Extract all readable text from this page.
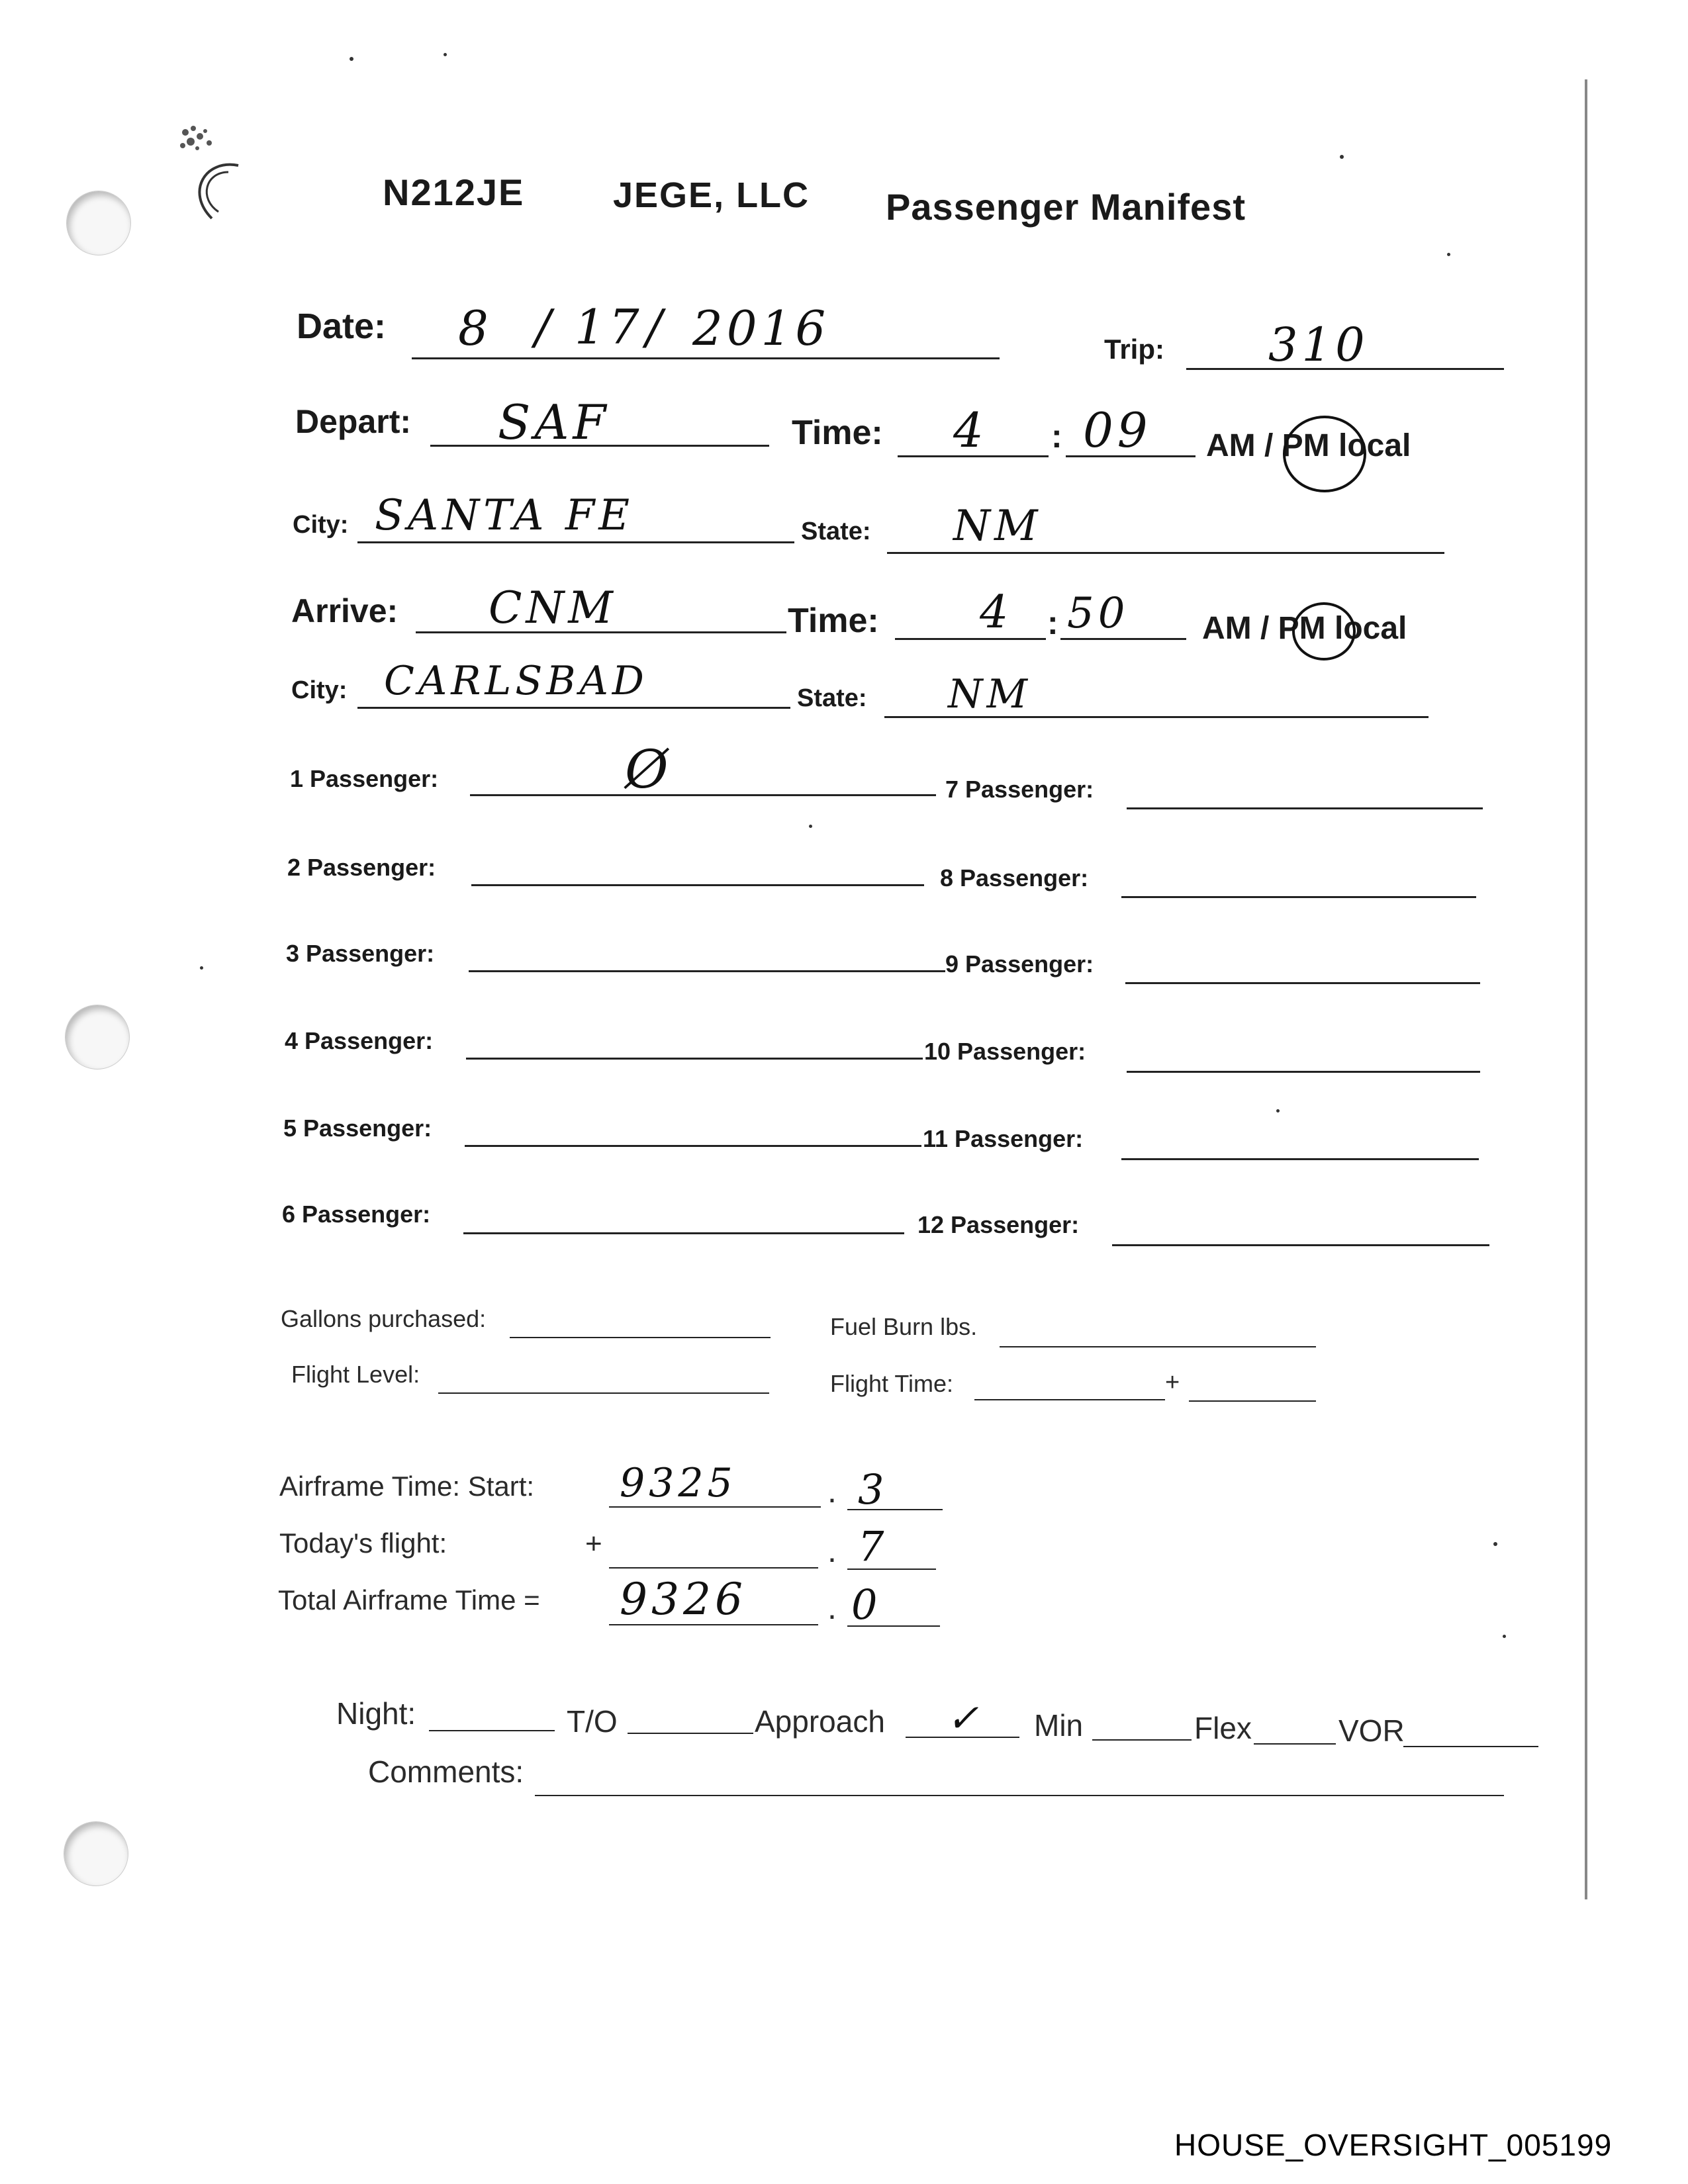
N212JE JEGE, LLC Passenger Manifest
Date: 8 / 17 / 2016	Trip: 310
Depart: SAF	Time: 4 : 09 AM / PM local
City: SANTA FE	State: NM
Arrive: CNM	Time: 4 : 50 AM / PM local
City: CARLSBAD	State: NM
1 Passenger:	Ø
2 Passenger:
3 Passenger:
4 Passenger:
5 Passenger:
6 Passenger:
7 Passenger:
8 Passenger:
9 Passenger:
10 Passenger:
11 Passenger:
12 Passenger:
Gallons purchased:	Fuel Burn lbs.
Flight Level:	Flight Time:	+
Airframe Time: Start: 9325	. 3
Today's flight:	+	. 7
Total Airframe Time = 9326 . 0
Night:	T/O	Approach ✓ Min	Flex	VOR
Comments:
HOUSE_OVERSIGHT_005199
